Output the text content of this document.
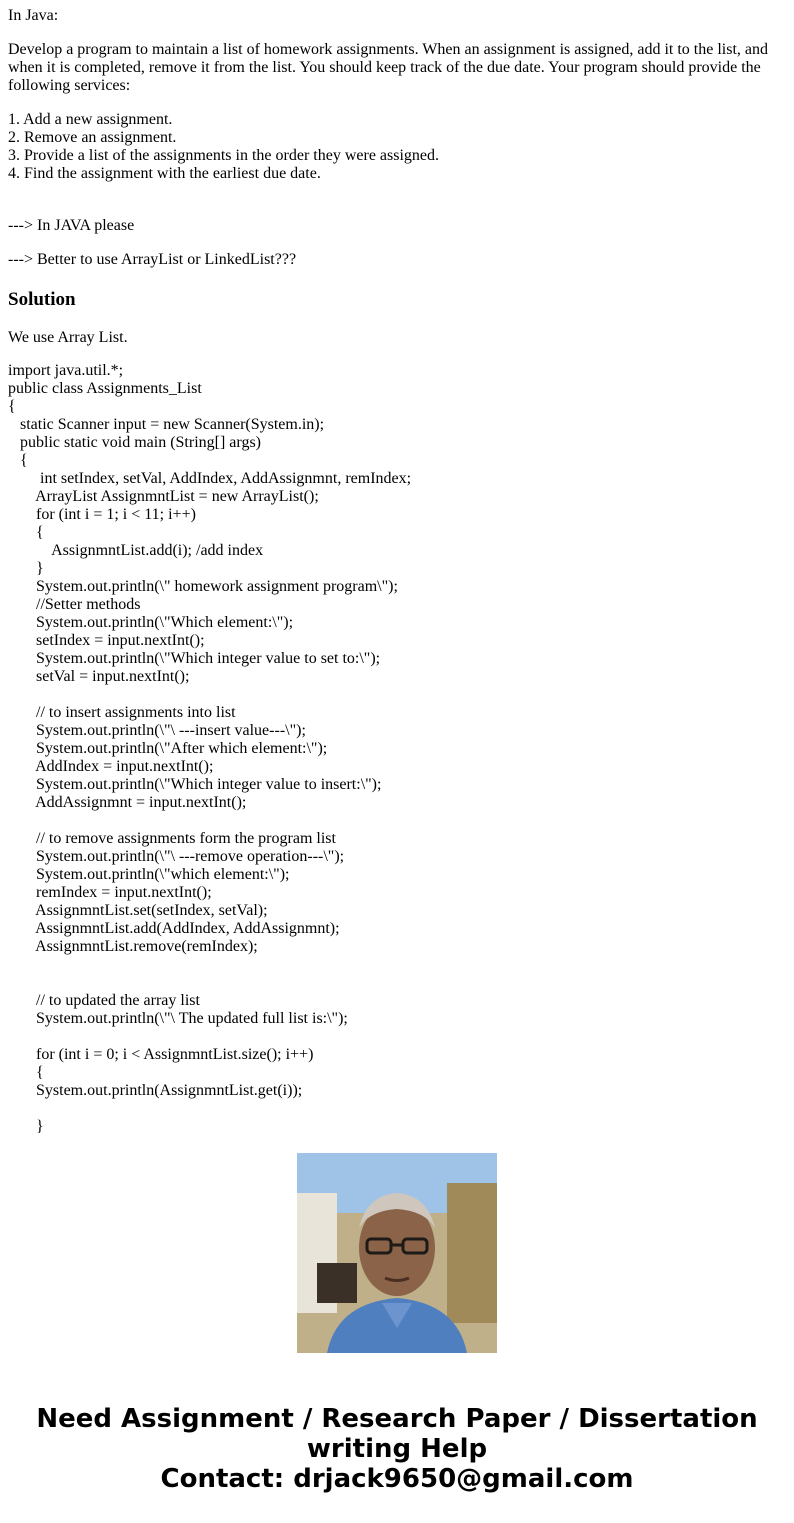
In Java:

Develop a program to maintain a list of homework assignments. When an assignment is assigned, add it to the list, and when it is completed, remove it from the list. You should keep track of the due date. Your program should provide the following services:

1. Add a new assignment.
2. Remove an assignment.
3. Provide a list of the assignments in the order they were assigned.
4. Find the assignment with the earliest due date.

---> In JAVA please

---> Better to use ArrayList or LinkedList???

Solution

We use Array List.

import java.util.*;
public class Assignments_List
{
static Scanner input = new Scanner(System.in);
public static void main (String[] args)
{
int setIndex, setVal, AddIndex, AddAssignmnt, remIndex;
ArrayList AssignmntList = new ArrayList();
for (int i = 1; i < 11; i++)
{
AssignmntList.add(i); /add index
}
System.out.println(\" homework assignment program\");
//Setter methods
System.out.println(\"Which element:\");
setIndex = input.nextInt();
System.out.println(\"Which integer value to set to:\");
setVal = input.nextInt();
// to insert assignments into list
System.out.println(\"\ ---insert value---\");
System.out.println(\"After which element:\");
AddIndex = input.nextInt();
System.out.println(\"Which integer value to insert:\");
AddAssignmnt = input.nextInt();
// to remove assignments form the program list
System.out.println(\"\ ---remove operation---\");
System.out.println(\"which element:\");
remIndex = input.nextInt();
AssignmntList.set(setIndex, setVal);
AssignmntList.add(AddIndex, AddAssignmnt);
AssignmntList.remove(remIndex);
// to updated the array list
System.out.println(\"\ The updated full list is:\");
for (int i = 0; i < AssignmntList.size(); i++)
{
System.out.println(AssignmntList.get(i));
}
Need Assignment / Research Paper / Dissertation
writing Help
Contact: drjack9650@gmail.com
